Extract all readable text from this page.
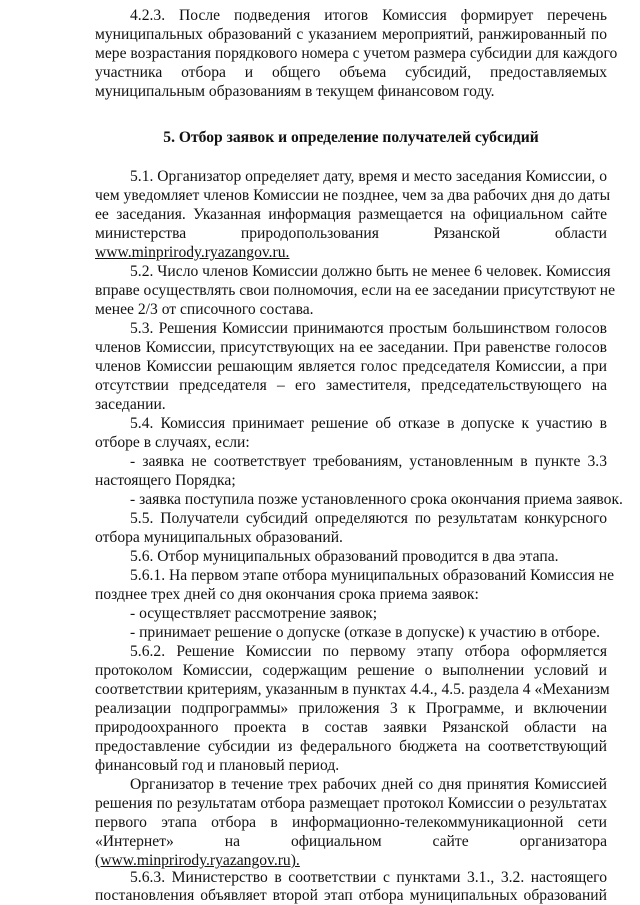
4.2.3. После подведения итогов Комиссия формирует перечень
муниципальных образований с указанием мероприятий, ранжированный по
мере возрастания порядкового номера с учетом размера субсидии для каждого
участника отбора и общего объема субсидий, предоставляемых
муниципальным образованиям в текущем финансовом году.
5. Отбор заявок и определение получателей субсидий
5.1. Организатор определяет дату, время и место заседания Комиссии, о
чем уведомляет членов Комиссии не позднее, чем за два рабочих дня до даты
ее заседания. Указанная информация размещается на официальном сайте
министерства природопользования Рязанской области
www.minprirody.ryazangov.ru.
5.2. Число членов Комиссии должно быть не менее 6 человек. Комиссия
вправе осуществлять свои полномочия, если на ее заседании присутствуют не
менее 2/3 от списочного состава.
5.3. Решения Комиссии принимаются простым большинством голосов
членов Комиссии, присутствующих на ее заседании. При равенстве голосов
членов Комиссии решающим является голос председателя Комиссии, а при
отсутствии председателя – его заместителя, председательствующего на
заседании.
5.4. Комиссия принимает решение об отказе в допуске к участию в
отборе в случаях, если:
- заявка не соответствует требованиям, установленным в пункте 3.3
настоящего Порядка;
- заявка поступила позже установленного срока окончания приема заявок.
5.5. Получатели субсидий определяются по результатам конкурсного
отбора муниципальных образований.
5.6. Отбор муниципальных образований проводится в два этапа.
5.6.1. На первом этапе отбора муниципальных образований Комиссия не
позднее трех дней со дня окончания срока приема заявок:
- осуществляет рассмотрение заявок;
- принимает решение о допуске (отказе в допуске) к участию в отборе.
5.6.2. Решение Комиссии по первому этапу отбора оформляется
протоколом Комиссии, содержащим решение о выполнении условий и
соответствии критериям, указанным в пунктах 4.4., 4.5. раздела 4 «Механизм
реализации подпрограммы» приложения 3 к Программе, и включении
природоохранного проекта в состав заявки Рязанской области на
предоставление субсидии из федерального бюджета на соответствующий
финансовый год и плановый период.
Организатор в течение трех рабочих дней со дня принятия Комиссией
решения по результатам отбора размещает протокол Комиссии о результатах
первого этапа отбора в информационно-телекоммуникационной сети
«Интернет» на официальном сайте организатора
(www.minprirody.ryazangov.ru).
5.6.3. Министерство в соответствии с пунктами 3.1., 3.2. настоящего
постановления объявляет второй этап отбора муниципальных образований
